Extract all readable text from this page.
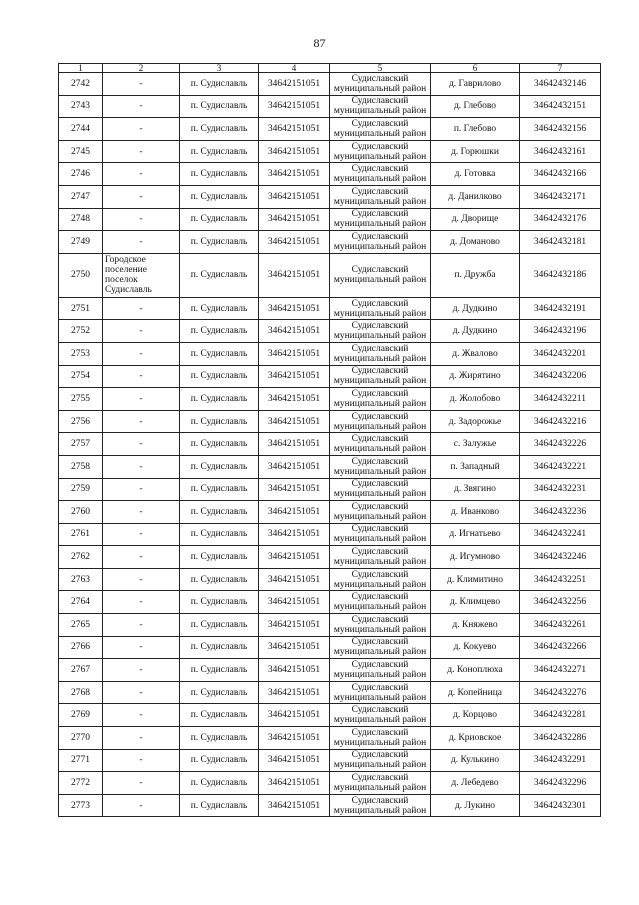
87
1	2	3	4	5	6	7
2742	-	п. Судиславль	34642151051	Судиславский муниципальный район	д. Гаврилово	34642432146
2743	-	п. Судиславль	34642151051	Судиславский муниципальный район	д. Глебово	34642432151
2744	-	п. Судиславль	34642151051	Судиславский муниципальный район	п. Глебово	34642432156
2745	-	п. Судиславль	34642151051	Судиславский муниципальный район	д. Горюшки	34642432161
2746	-	п. Судиславль	34642151051	Судиславский муниципальный район	д. Готовка	34642432166
2747	-	п. Судиславль	34642151051	Судиславский муниципальный район	д. Данилково	34642432171
2748	-	п. Судиславль	34642151051	Судиславский муниципальный район	д. Дворище	34642432176
2749	-	п. Судиславль	34642151051	Судиславский муниципальный район	д. Доманово	34642432181
2750	Городское поселение поселок Судиславль	п. Судиславль	34642151051	Судиславский муниципальный район	п. Дружба	34642432186
2751	-	п. Судиславль	34642151051	Судиславский муниципальный район	д. Дудкино	34642432191
2752	-	п. Судиславль	34642151051	Судиславский муниципальный район	д. Дудкино	34642432196
2753	-	п. Судиславль	34642151051	Судиславский муниципальный район	д. Жвалово	34642432201
2754	-	п. Судиславль	34642151051	Судиславский муниципальный район	д. Жирятино	34642432206
2755	-	п. Судиславль	34642151051	Судиславский муниципальный район	д. Жолобово	34642432211
2756	-	п. Судиславль	34642151051	Судиславский муниципальный район	д. Задорожье	34642432216
2757	-	п. Судиславль	34642151051	Судиславский муниципальный район	с. Залужье	34642432226
2758	-	п. Судиславль	34642151051	Судиславский муниципальный район	п. Западный	34642432221
2759	-	п. Судиславль	34642151051	Судиславский муниципальный район	д. Звягино	34642432231
2760	-	п. Судиславль	34642151051	Судиславский муниципальный район	д. Иванково	34642432236
2761	-	п. Судиславль	34642151051	Судиславский муниципальный район	д. Игнатьево	34642432241
2762	-	п. Судиславль	34642151051	Судиславский муниципальный район	д. Игумново	34642432246
2763	-	п. Судиславль	34642151051	Судиславский муниципальный район	д. Климитино	34642432251
2764	-	п. Судиславль	34642151051	Судиславский муниципальный район	д. Климцево	34642432256
2765	-	п. Судиславль	34642151051	Судиславский муниципальный район	д. Княжево	34642432261
2766	-	п. Судиславль	34642151051	Судиславский муниципальный район	д. Кокуево	34642432266
2767	-	п. Судиславль	34642151051	Судиславский муниципальный район	д. Коноплюха	34642432271
2768	-	п. Судиславль	34642151051	Судиславский муниципальный район	д. Копейница	34642432276
2769	-	п. Судиславль	34642151051	Судиславский муниципальный район	д. Корцово	34642432281
2770	-	п. Судиславль	34642151051	Судиславский муниципальный район	д. Криовское	34642432286
2771	-	п. Судиславль	34642151051	Судиславский муниципальный район	д. Кулькино	34642432291
2772	-	п. Судиславль	34642151051	Судиславский муниципальный район	д. Лебедево	34642432296
2773	-	п. Судиславль	34642151051	Судиславский муниципальный район	д. Лукино	34642432301
